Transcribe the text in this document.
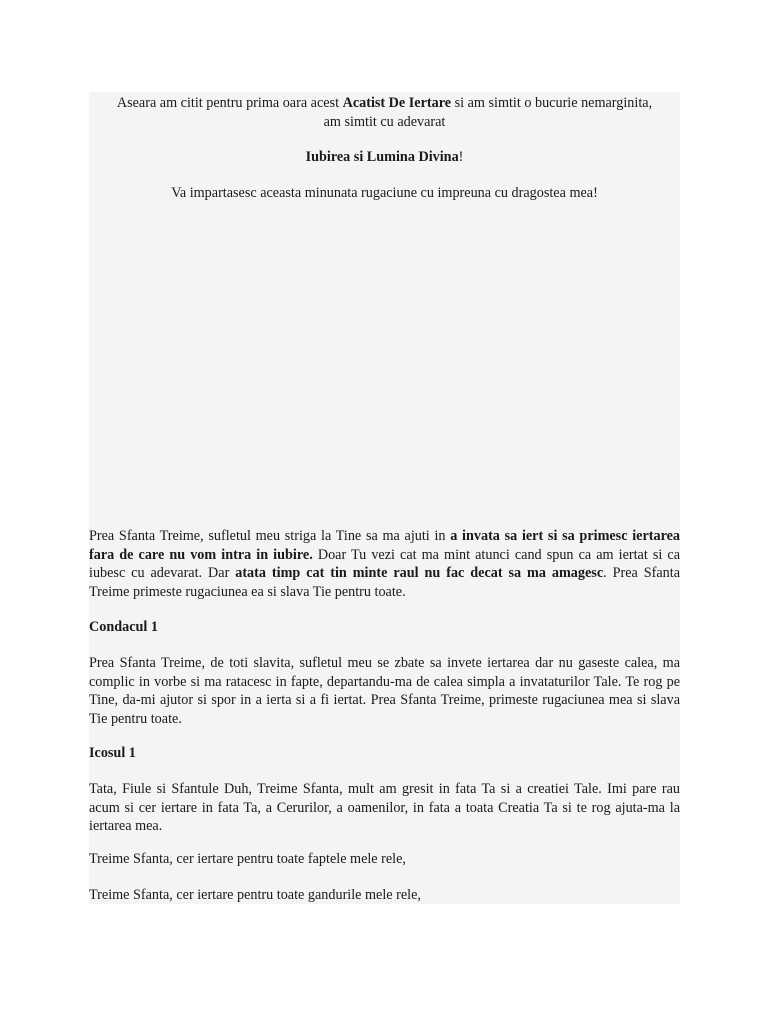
Aseara am citit pentru prima oara acest Acatist De Iertare si am simtit o bucurie nemarginita,
am simtit cu adevarat

Iubirea si Lumina Divina!

Va impartasesc aceasta minunata rugaciune cu impreuna cu dragostea mea!

Prea Sfanta Treime, sufletul meu striga la Tine sa ma ajuti in a invata sa iert si sa primesc iertarea fara de care nu vom intra in iubire. Doar Tu vezi cat ma mint atunci cand spun ca am iertat si ca iubesc cu adevarat. Dar atata timp cat tin minte raul nu fac decat sa ma amagesc. Prea Sfanta Treime primeste rugaciunea ea si slava Tie pentru toate.

Condacul 1

Prea Sfanta Treime, de toti slavita, sufletul meu se zbate sa invete iertarea dar nu gaseste calea, ma complic in vorbe si ma ratacesc in fapte, departandu-ma de calea simpla a invataturilor Tale. Te rog pe Tine, da-mi ajutor si spor in a ierta si a fi iertat. Prea Sfanta Treime, primeste rugaciunea mea si slava Tie pentru toate.

Icosul 1

Tata, Fiule si Sfantule Duh, Treime Sfanta, mult am gresit in fata Ta si a creatiei Tale. Imi pare rau acum si cer iertare in fata Ta, a Cerurilor, a oamenilor, in fata a toata Creatia Ta si te rog ajuta-ma la iertarea mea.

Treime Sfanta, cer iertare pentru toate faptele mele rele,

Treime Sfanta, cer iertare pentru toate gandurile mele rele,
